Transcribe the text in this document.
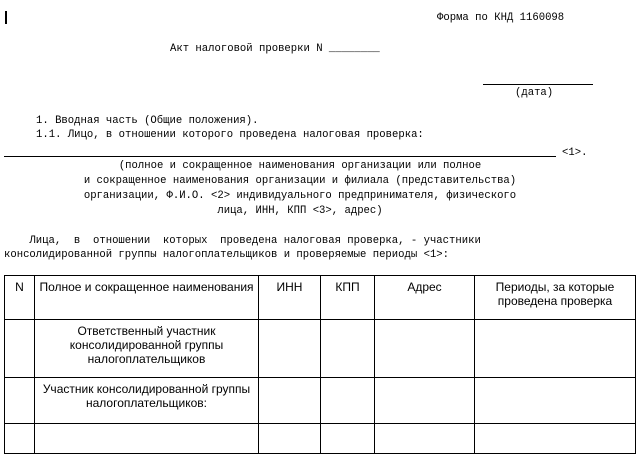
Форма по КНД 1160098
Акт налоговой проверки N ________
(дата)
1. Вводная часть (Общие положения).
1.1. Лицо, в отношении которого проведена налоговая проверка:
<1>.
(полное и сокращенное наименования организации или полное
и сокращенное наименования организации и филиала (представительства)
организации, Ф.И.О. <2> индивидуального предпринимателя, физического
лица, ИНН, КПП <3>, адрес)
Лица,  в  отношении  которых  проведена налоговая проверка, - участники
консолидированной группы налогоплательщиков и проверяемые периоды <1>:
N	Полное и сокращенное наименования	ИНН	КПП	Адрес	Периоды, за которые проведена проверка
	Ответственный участник консолидированной группы налогоплательщиков				
	Участник консолидированной группы налогоплательщиков:				
